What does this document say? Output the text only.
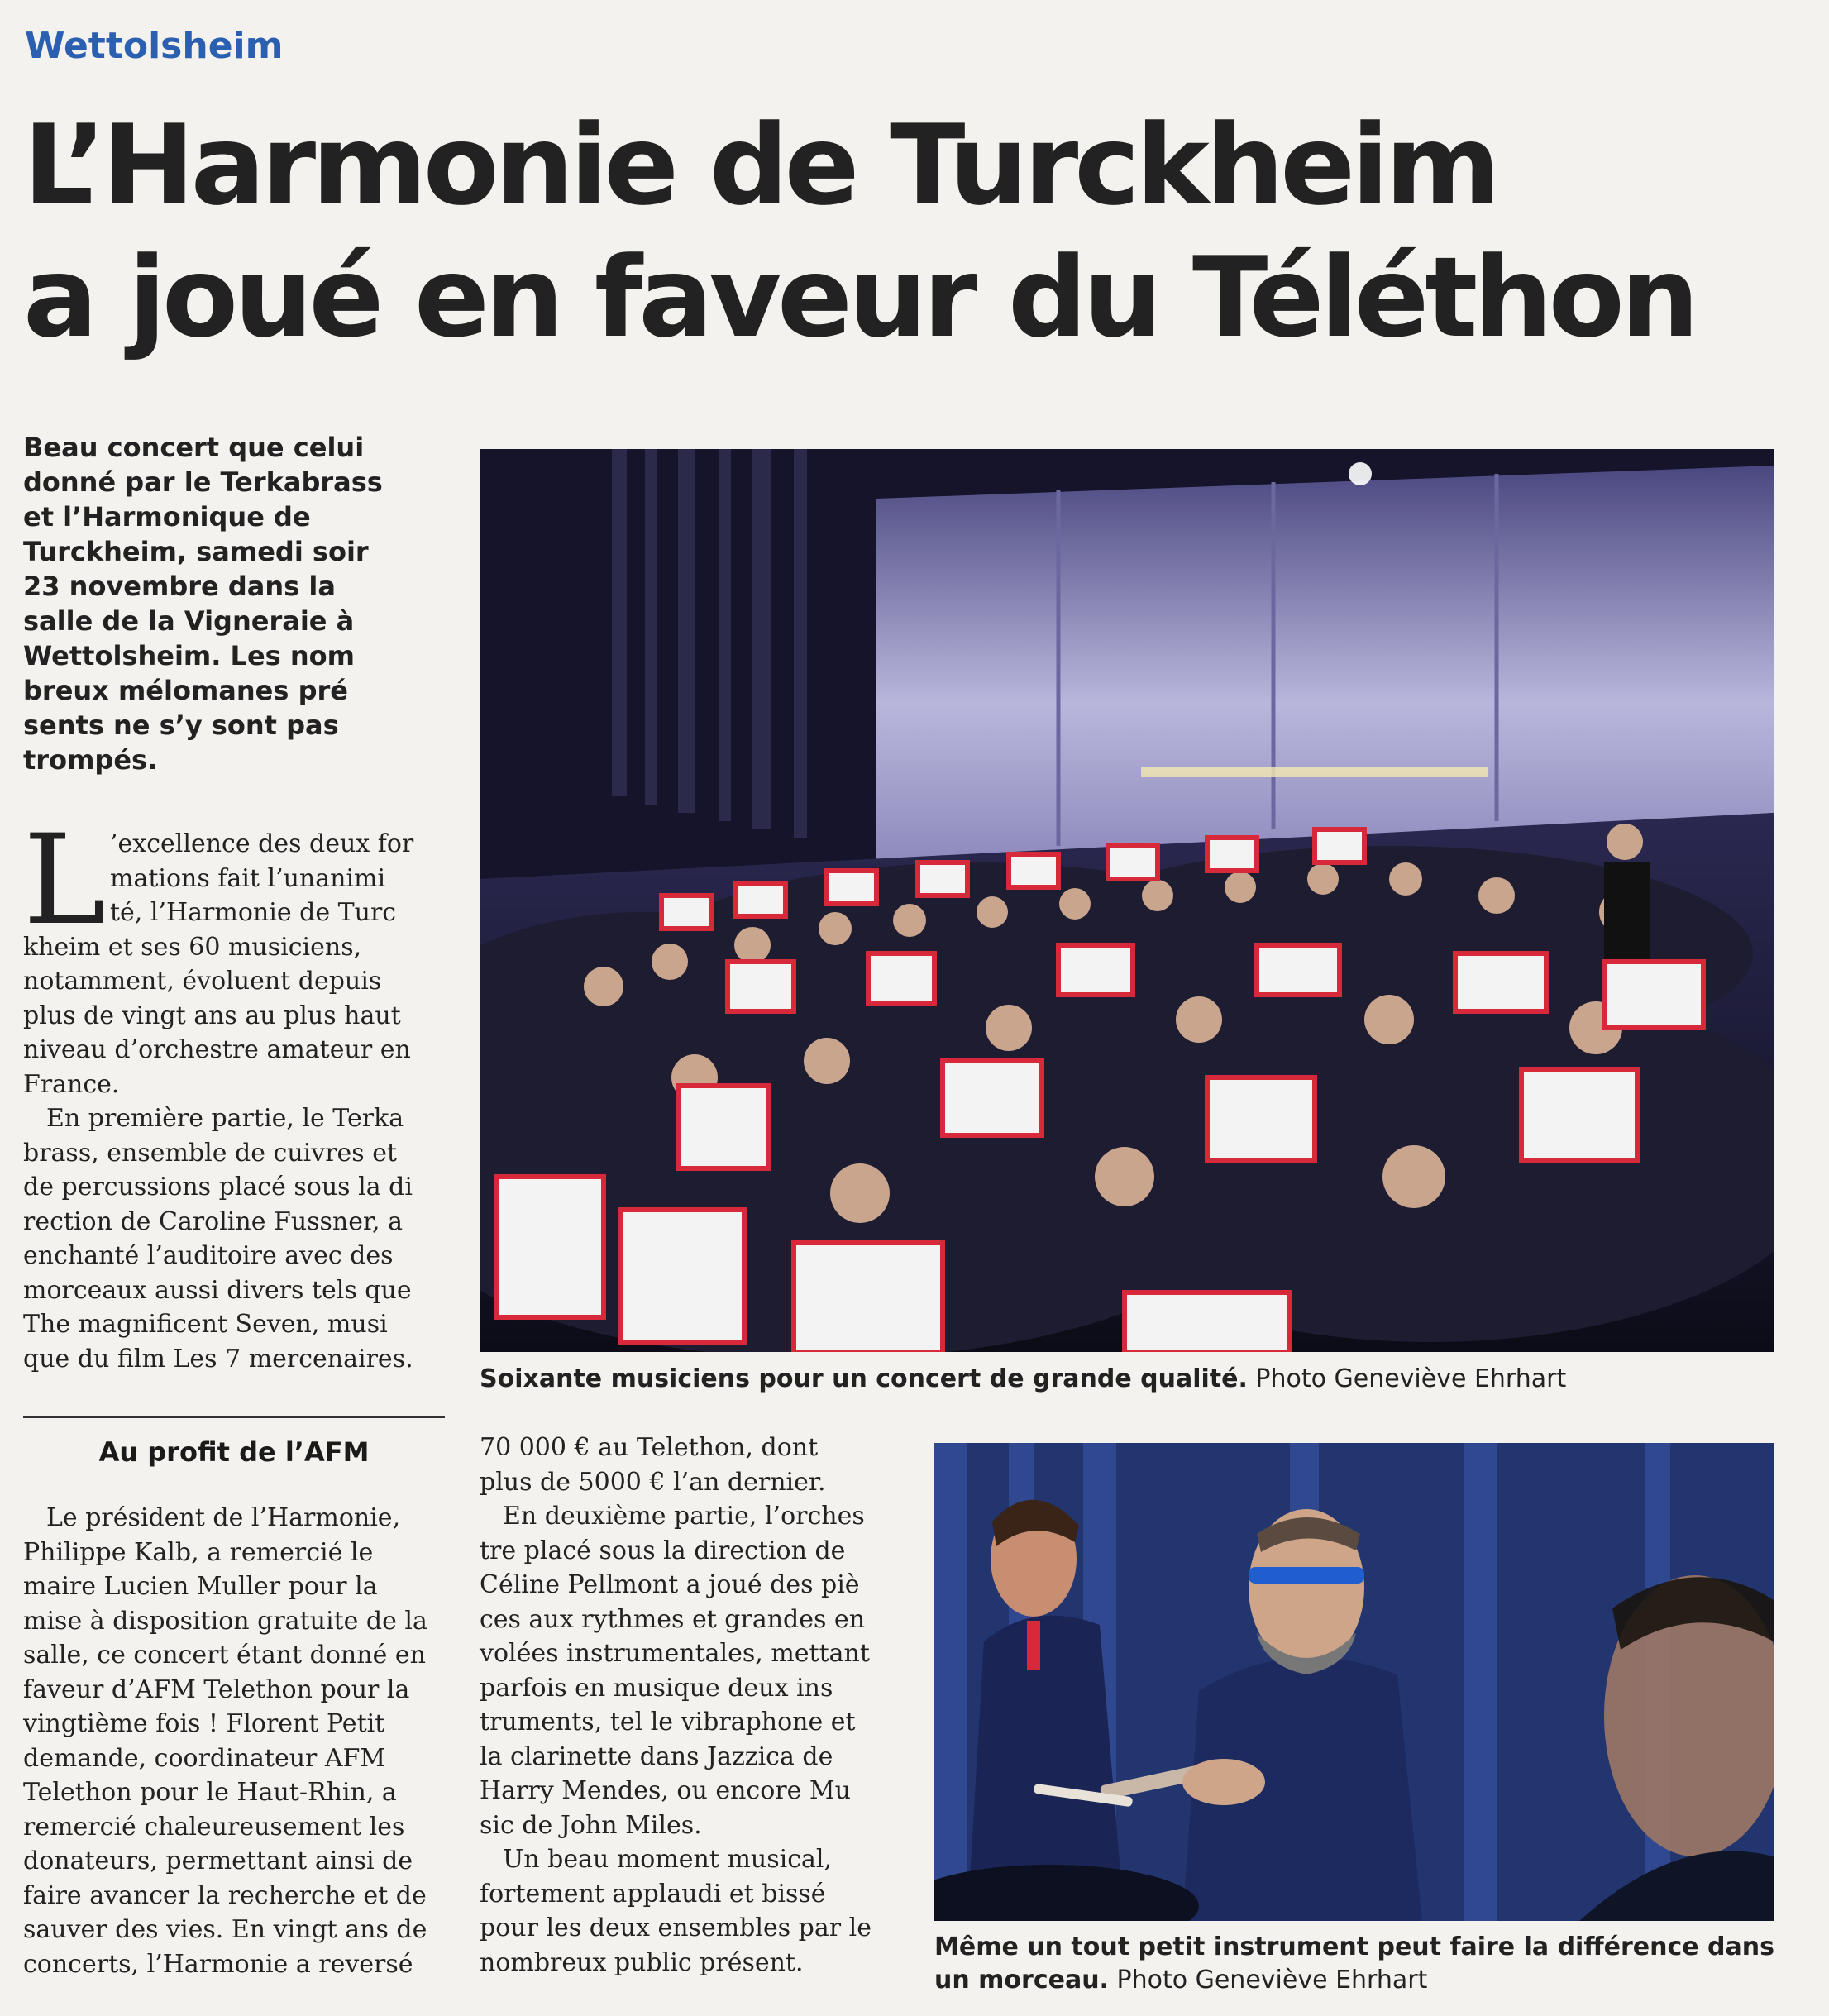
Wettolsheim
L’Harmonie de Turckheim
a joué en faveur du Téléthon
Beau concert que celui
donné par le Terkabrass
et l’Harmonique de
Turckheim, samedi soir
23 novembre dans la
salle de la Vigneraie à
Wettolsheim. Les nom
breux mélomanes pré
sents ne s’y sont pas
trompés.
L ’excellence des deux for
mations fait l’unanimi
té, l’Harmonie de Turc
kheim et ses 60 musiciens,
notamment, évoluent depuis
plus de vingt ans au plus haut
niveau d’orchestre amateur en
France.
En première partie, le Terka
brass, ensemble de cuivres et
de percussions placé sous la di
rection de Caroline Fussner, a
enchanté l’auditoire avec des
morceaux aussi divers tels que
The magnificent Seven, musi
que du film Les 7 mercenaires.
Au profit de l’AFM
Le président de l’Harmonie,
Philippe Kalb, a remercié le
maire Lucien Muller pour la
mise à disposition gratuite de la
salle, ce concert étant donné en
faveur d’AFM Telethon pour la
vingtième fois ! Florent Petit
demande, coordinateur AFM
Telethon pour le Haut-Rhin, a
remercié chaleureusement les
donateurs, permettant ainsi de
faire avancer la recherche et de
sauver des vies. En vingt ans de
concerts, l’Harmonie a reversé
70 000 € au Telethon, dont
plus de 5000 € l’an dernier.
En deuxième partie, l’orches
tre placé sous la direction de
Céline Pellmont a joué des piè
ces aux rythmes et grandes en
volées instrumentales, mettant
parfois en musique deux ins
truments, tel le vibraphone et
la clarinette dans Jazzica de
Harry Mendes, ou encore Mu
sic de John Miles.
Un beau moment musical,
fortement applaudi et bissé
pour les deux ensembles par le
nombreux public présent.
Soixante musiciens pour un concert de grande qualité. Photo Geneviève Ehrhart
Même un tout petit instrument peut faire la différence dans un morceau. Photo Geneviève Ehrhart
